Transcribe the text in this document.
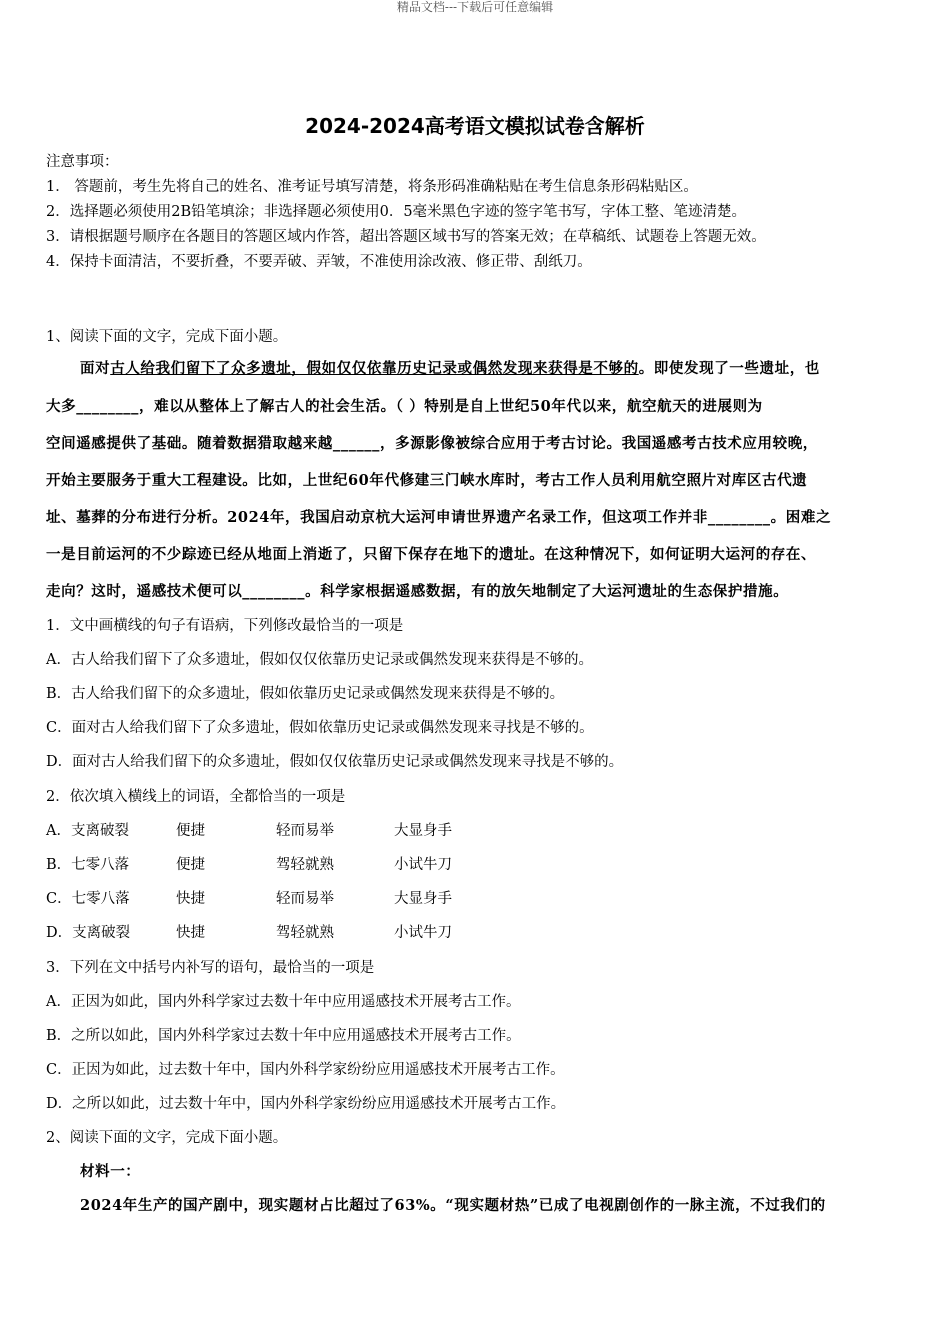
精品文档---下载后可任意编辑
2024-2024高考语文模拟试卷含解析
注意事项：
1． 答题前，考生先将自己的姓名、准考证号填写清楚，将条形码准确粘贴在考生信息条形码粘贴区。
2．选择题必须使用2B铅笔填涂；非选择题必须使用0．5毫米黑色字迹的签字笔书写，字体工整、笔迹清楚。
3．请根据题号顺序在各题目的答题区域内作答，超出答题区域书写的答案无效；在草稿纸、试题卷上答题无效。
4．保持卡面清洁，不要折叠，不要弄破、弄皱，不准使用涂改液、修正带、刮纸刀。
1、阅读下面的文字，完成下面小题。
面对古人给我们留下了众多遗址，假如仅仅依靠历史记录或偶然发现来获得是不够的。即使发现了一些遗址，也
大多________，难以从整体上了解古人的社会生活。（ ）特别是自上世纪50年代以来，航空航天的进展则为
空间遥感提供了基础。随着数据猎取越来越______，多源影像被综合应用于考古讨论。我国遥感考古技术应用较晚，
开始主要服务于重大工程建设。比如，上世纪60年代修建三门峡水库时，考古工作人员利用航空照片对库区古代遗
址、墓葬的分布进行分析。2024年，我国启动京杭大运河申请世界遗产名录工作，但这项工作并非________。困难之
一是目前运河的不少踪迹已经从地面上消逝了，只留下保存在地下的遗址。在这种情况下，如何证明大运河的存在、
走向？这时，遥感技术便可以________。科学家根据遥感数据，有的放矢地制定了大运河遗址的生态保护措施。
1．文中画横线的句子有语病，下列修改最恰当的一项是
A．古人给我们留下了众多遗址，假如仅仅依靠历史记录或偶然发现来获得是不够的。
B．古人给我们留下的众多遗址，假如依靠历史记录或偶然发现来获得是不够的。
C．面对古人给我们留下了众多遗址，假如依靠历史记录或偶然发现来寻找是不够的。
D．面对古人给我们留下的众多遗址，假如仅仅依靠历史记录或偶然发现来寻找是不够的。
2．依次填入横线上的词语，全都恰当的一项是
A．支离破裂	便捷	轻而易举	大显身手
B．七零八落	便捷	驾轻就熟	小试牛刀
C．七零八落	快捷	轻而易举	大显身手
D．支离破裂	快捷	驾轻就熟	小试牛刀
3．下列在文中括号内补写的语句，最恰当的一项是
A．正因为如此，国内外科学家过去数十年中应用遥感技术开展考古工作。
B．之所以如此，国内外科学家过去数十年中应用遥感技术开展考古工作。
C．正因为如此，过去数十年中，国内外科学家纷纷应用遥感技术开展考古工作。
D．之所以如此，过去数十年中，国内外科学家纷纷应用遥感技术开展考古工作。
2、阅读下面的文字，完成下面小题。
材料一：
2024年生产的国产剧中，现实题材占比超过了63%。“现实题材热”已成了电视剧创作的一脉主流，不过我们的
